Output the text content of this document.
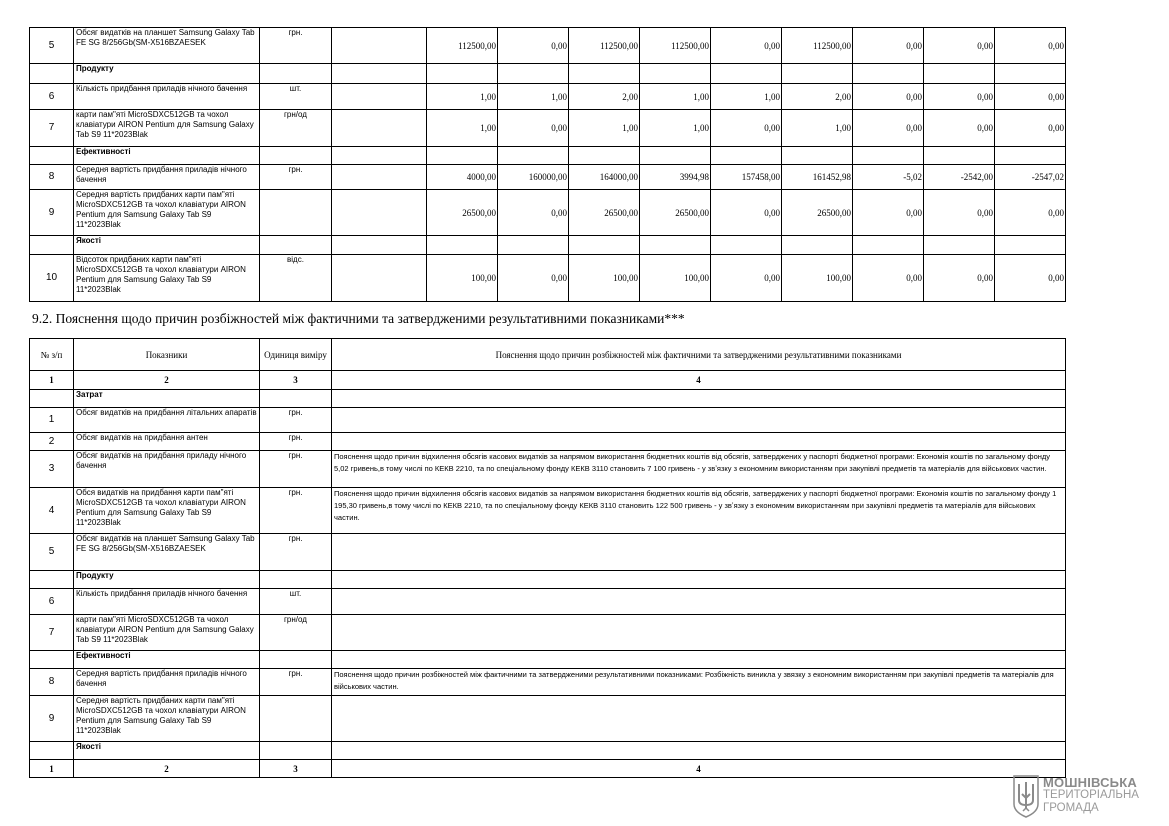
5	Обсяг видатків на планшет Samsung Galaxy Tab FE SG 8/256Gb(SM-X516BZAESEK	грн.		112500,00	0,00	112500,00	112500,00	0,00	112500,00	0,00	0,00	0,00
	Продукту											
6	Кількість придбання приладів нічного бачення	шт.		1,00	1,00	2,00	1,00	1,00	2,00	0,00	0,00	0,00
7	карти пам"яті MicroSDXC512GB та чохол клавіатури AIRON Pentium для Samsung Galaxy Tab S9 11*2023Blak	грн/од		1,00	0,00	1,00	1,00	0,00	1,00	0,00	0,00	0,00
	Ефективності											
8	Середня вартість придбання приладів нічного бачення	грн.		4000,00	160000,00	164000,00	3994,98	157458,00	161452,98	-5,02	-2542,00	-2547,02
9	Середня вартість придбаних карти пам"яті MicroSDXC512GB та чохол клавіатури AIRON Pentium для Samsung Galaxy Tab S9 11*2023Blak			26500,00	0,00	26500,00	26500,00	0,00	26500,00	0,00	0,00	0,00
	Якості											
10	Відсоток придбаних карти пам"яті MicroSDXC512GB та чохол клавіатури AIRON Pentium для Samsung Galaxy Tab S9 11*2023Blak	відс.		100,00	0,00	100,00	100,00	0,00	100,00	0,00	0,00	0,00
9.2. Пояснення щодо причин розбіжностей між фактичними та затвердженими результативними показниками***
№ з/п	Показники	Одиниця виміру	Пояснення щодо причин розбіжностей між фактичними та затвердженими результативними показниками
1	2	3	4
	Затрат		
1	Обсяг видатків на придбання літальних апаратів	грн.	
2	Обсяг видатків на придбання антен	грн.	
3	Обсяг видатків на придбання приладу нічного бачення	грн.	Пояснення щодо причин відхилення обсягів касових видатків за напрямом використання бюджетних коштів від обсягів, затверджених у паспорті бюджетної програми: Економія коштів по загальному фонду 5,02 гривень,в тому числі по КЕКВ 2210, та по спеціальному фонду КЕКВ 3110 становить 7 100 гривень - у звʼязку з економним використанням при закупівлі предметів та матеріалів для військових частин.
4	Обся видатків на придбання карти пам"яті MicroSDXC512GB та чохол клавіатури AIRON Pentium для Samsung Galaxy Tab S9 11*2023Blak	грн.	Пояснення щодо причин відхилення обсягів касових видатків за напрямом використання бюджетних коштів від обсягів, затверджених у паспорті бюджетної програми: Економія коштів по загальному фонду 1 195,30 гривень,в тому числі по КЕКВ 2210, та по спеціальному фонду КЕКВ 3110 становить 122 500 гривень - у звʼязку з економним використанням при закупівлі предметів та матеріалів для військових частин.
5	Обсяг видатків на планшет Samsung Galaxy Tab FE SG 8/256Gb(SM-X516BZAESEK	грн.	
	Продукту		
6	Кількість придбання приладів нічного бачення	шт.	
7	карти пам"яті MicroSDXC512GB та чохол клавіатури AIRON Pentium для Samsung Galaxy Tab S9 11*2023Blak	грн/од	
	Ефективності		
8	Середня вартість придбання приладів нічного бачення	грн.	Пояснення щодо причин розбіжностей між фактичними та затвердженими результативними показниками: Розбіжність виникла у звязку з економним використанням при закупівлі предметів та матеріалів для військових частин.
9	Середня вартість придбаних карти пам"яті MicroSDXC512GB та чохол клавіатури AIRON Pentium для Samsung Galaxy Tab S9 11*2023Blak		
	Якості		
1	2	3	4
МОШНІВСЬКА
ТЕРИТОРІАЛЬНА
ГРОМАДА
